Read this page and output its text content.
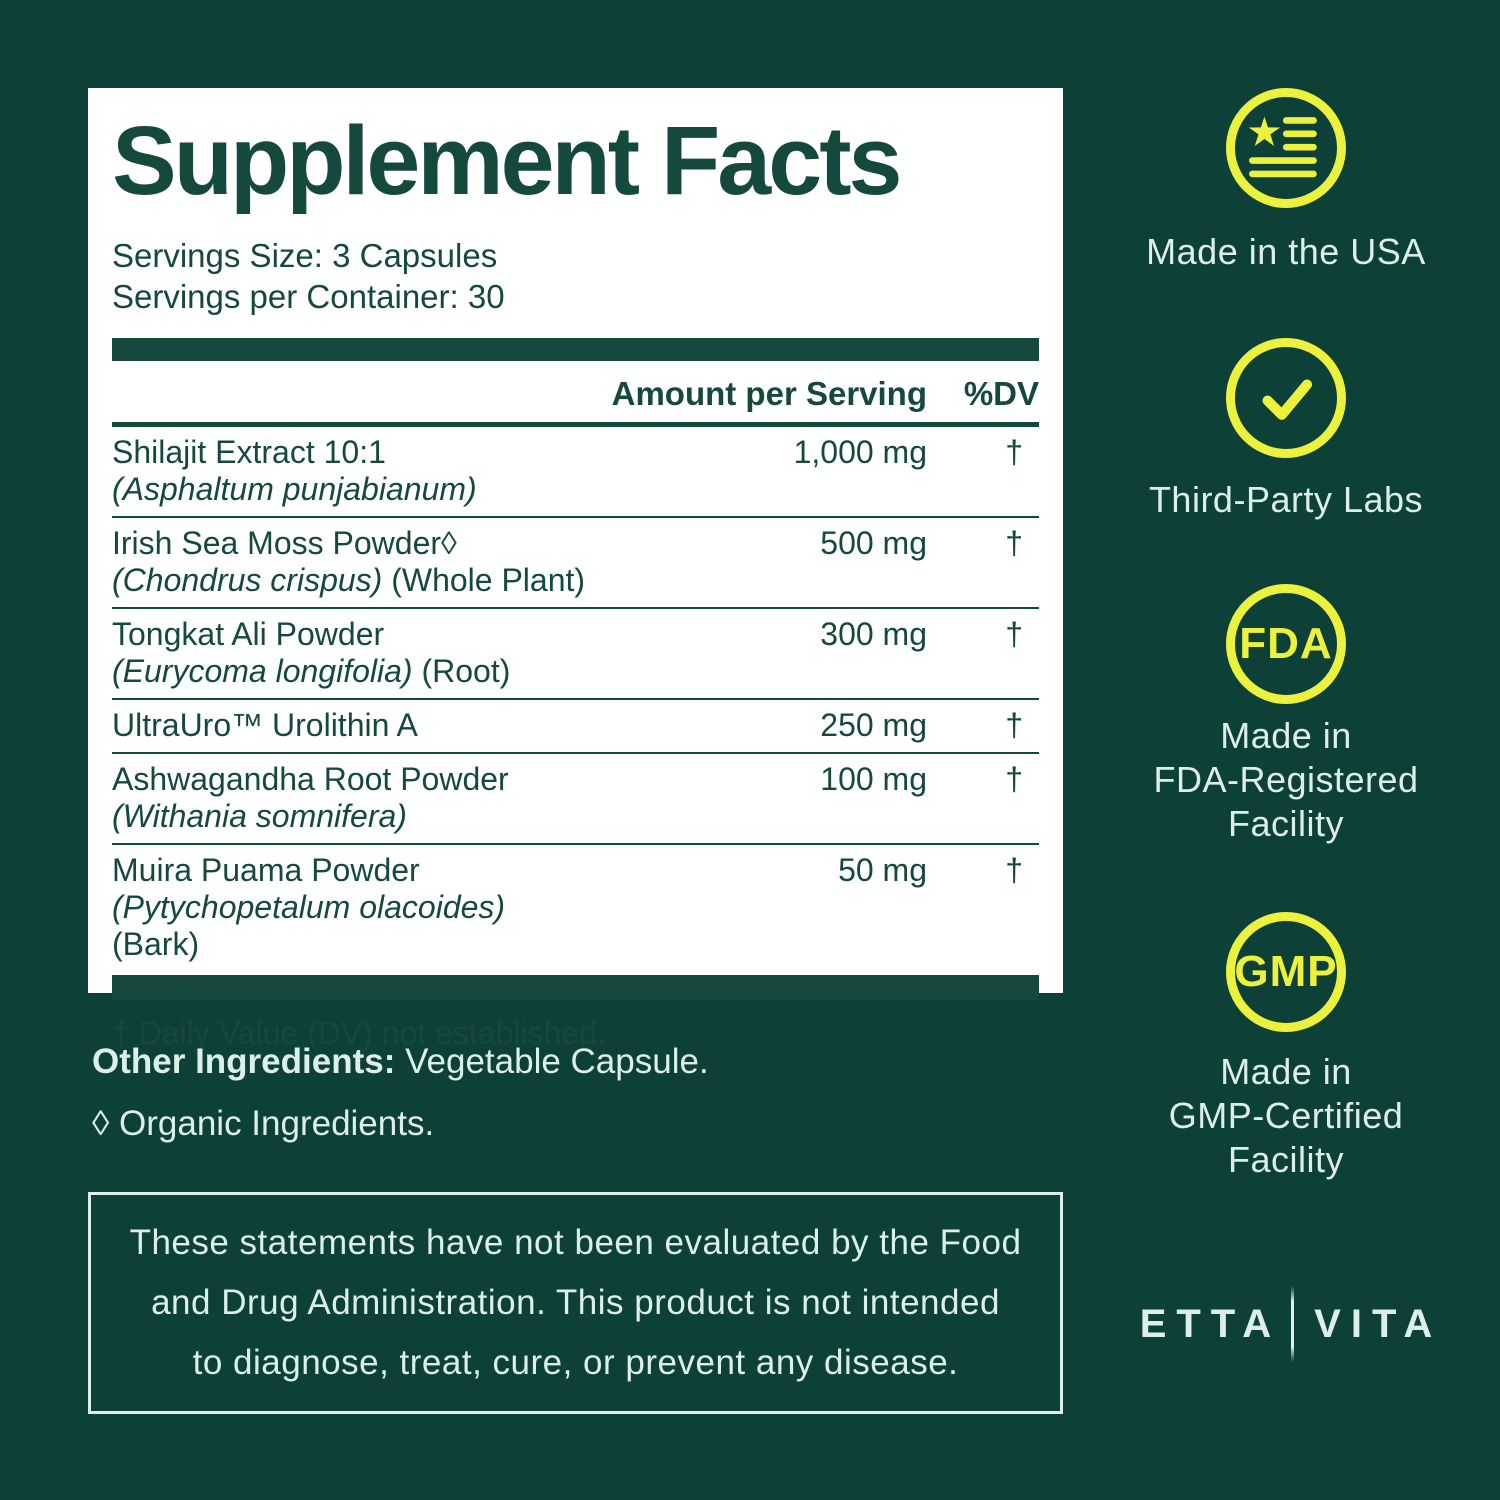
Supplement Facts
Servings Size: 3 Capsules
Servings per Container: 30
Amount per Serving	%DV
Shilajit Extract 10:1
(Asphaltum punjabianum)
1,000 mg	†
Irish Sea Moss Powder◊
(Chondrus crispus) (Whole Plant)
500 mg	†
Tongkat Ali Powder
(Eurycoma longifolia) (Root)
300 mg	†
UltraUro™ Urolithin A	250 mg	†
Ashwagandha Root Powder
(Withania somnifera)
100 mg	†
Muira Puama Powder
(Pytychopetalum olacoides) (Bark)
50 mg	†
† Daily Value (DV) not established.
Other Ingredients: Vegetable Capsule.
◊ Organic Ingredients.
These statements have not been evaluated by the Food
and Drug Administration. This product is not intended
to diagnose, treat, cure, or prevent any disease.
Made in the USA
Third-Party Labs
FDA
Made in
FDA-Registered
Facility
GMP
Made in
GMP-Certified
Facility
ETTA VITA
